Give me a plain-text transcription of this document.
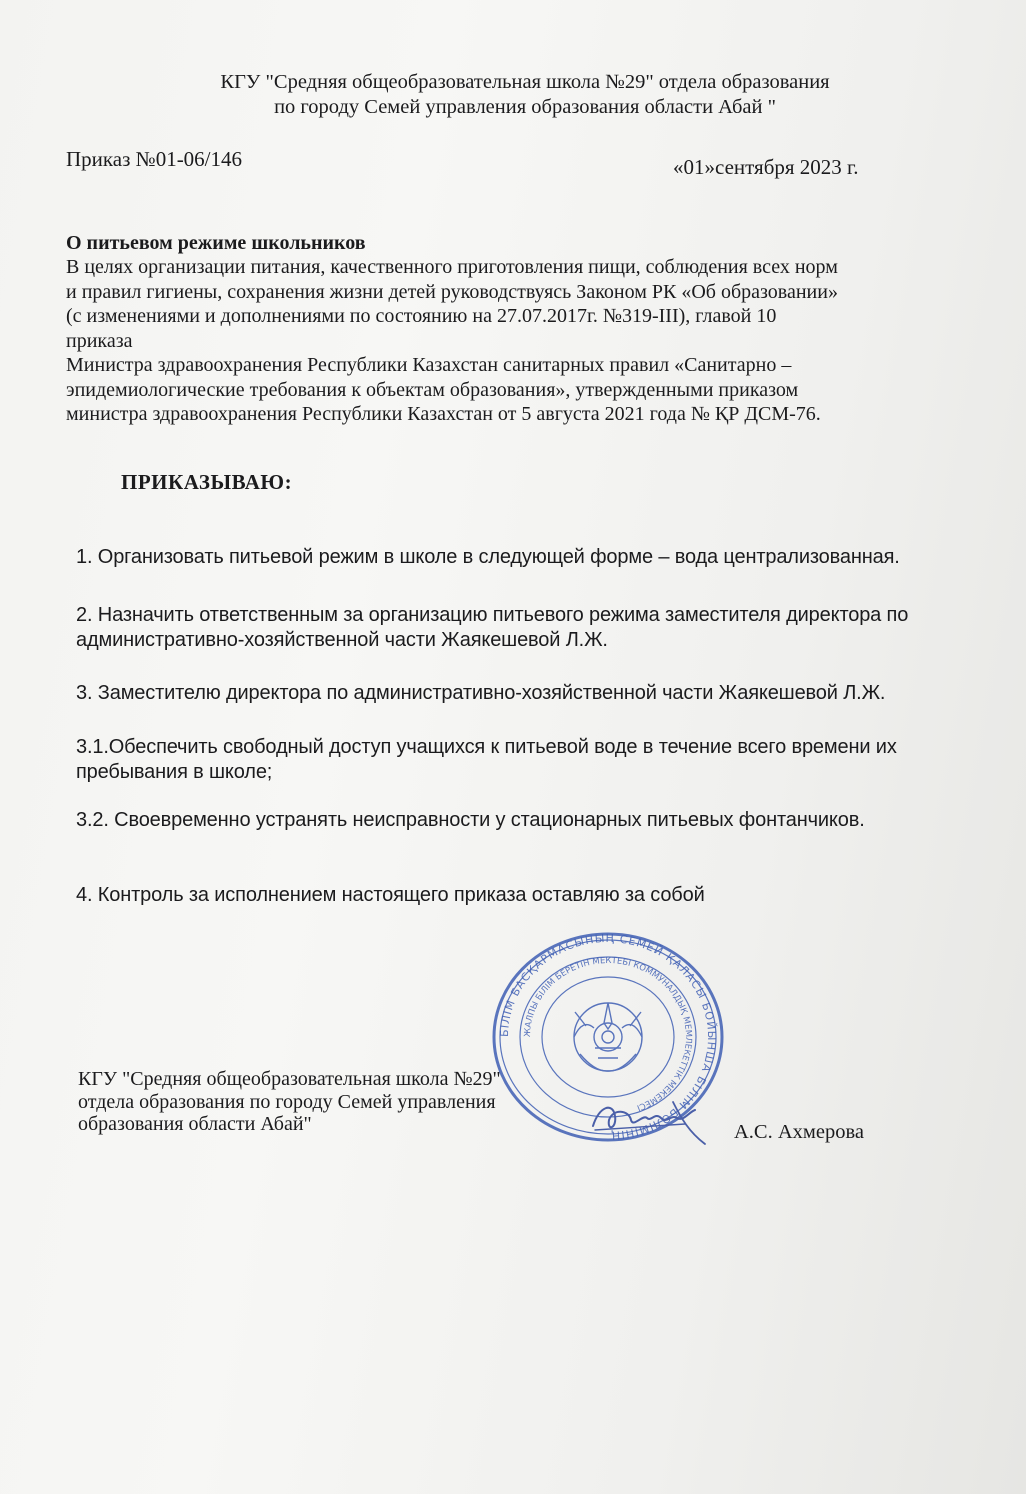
КГУ "Средняя общеобразовательная школа №29" отдела образования
по городу Семей управления образования области Абай "
Приказ №01-06/146	«01»сентября 2023 г.
О питьевом режиме школьников

В целях организации питания, качественного приготовления пищи, соблюдения всех норм

и правил гигиены, сохранения жизни детей руководствуясь Законом РК «Об образовании»

(с изменениями и дополнениями по состоянию на 27.07.2017г. №319-III), главой 10

приказа

Министра здравоохранения Республики Казахстан санитарных правил «Санитарно –

эпидемиологические требования к объектам образования», утвержденными приказом

министра здравоохранения Республики Казахстан от 5 августа 2021 года № ҚР ДСМ-76.

ПРИКАЗЫВАЮ:
1. Организовать питьевой режим в школе в следующей форме – вода централизованная.
2. Назначить ответственным за организацию питьевого режима заместителя директора по
административно-хозяйственной части Жаякешевой Л.Ж.
3. Заместителю директора по административно-хозяйственной части Жаякешевой Л.Ж.
3.1.Обеспечить свободный доступ учащихся к питьевой воде в течение всего времени их
пребывания в школе;
3.2. Своевременно устранять неисправности у стационарных питьевых фонтанчиков.
4. Контроль за исполнением настоящего приказа оставляю за собой
БІЛІМ БАСҚАРМАСЫНЫҢ СЕМЕЙ ҚАЛАСЫ БОЙЫНША БІЛІМ БӨЛІМІНІҢ
ЖАЛПЫ БІЛІМ БЕРЕТІН МЕКТЕБІ КОММУНАЛДЫҚ МЕМЛЕКЕТТІК МЕКЕМЕСІ

КГУ "Средняя общеобразовательная школа №29"

отдела образования по городу Семей управления

образования области Абай"	А.С. Ахмерова
